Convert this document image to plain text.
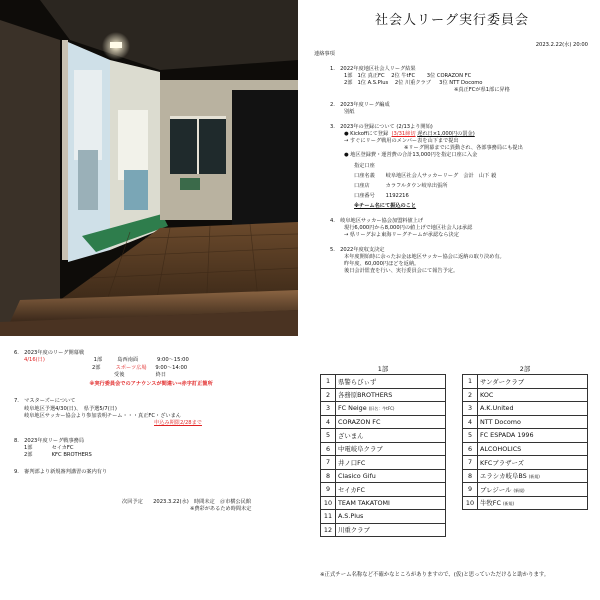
社会人リーグ実行委員会
2023.2.22(水) 20:00
連絡事項
1.　2022年度地区社会人リーグ結果
1部 1位 真正FC 2位 牛tFC 3位 CORAZON FC
2部 1位 A.S.Plus 2位 川重クラブ 3位 NTT Docomo
※真正FCが県1部に昇格
2.　2023年度リーグ編成
別紙
3.　2023年の登録について (2/13より開始)
● Kickoffにて登録 (3/31締切 遅れ日×1,000円の罰金)
→ すぐにリーグ戦用のメンバー表を山下まで提出
※リーグ開幕までに異動され、各部事務局にも提出
● 地区登録費・運営費の合計13,000円を指定口座に入金
指定口座
口座名義 岐阜地区社会人サッカーリーグ　会計　山下 毅
口座店	カラフルタウン岐阜出張所
口座番号 1192216
※チーム名にて振込のこと
4.　岐阜地区サッカー協会加盟料値上げ
現行6,000円から8,000円の値上げで地区社会人は承認
→ 県リーグおよ東海リーグチームが承認なら決定
5.　2022年度収支決定
本年度開始時に余ったお金は地区サッカー協会に返納の取り決め有。
昨年度、60,000円ほどを返納。
後日会計監査を行い、実行委員会にて報告予定。
6.　2023年度のリーグ開幕戦
4/16(日)	1部	島西南面	9:00〜15:00
2部	スポーツ広場 9:00〜14:00
受後	終日
※実行委員会でのアナウンスが間違い⇒赤字訂正箇所
7.　マスターズーについて
岐阜地区予選4/30(日)、　県予選5/7(日)
岐阜地区サッカー協会より参加表明チーム・・・真正FC・ざいまん
申込み期限2/28まで
8.　2023年度リーグ戦事務局
1部	セイカFC
2部	KFC BROTHERS
9.　審判部より新規審判講習の案内有り
次回予定　　2023.3.22(水)　時間未定　＠市横公民館
※費彩があるため時間未定
1部
1	県警らびぃず
2	各務原BROTHERS
3	FC Neige (旧名：牛tFC)
4	CORAZON FC
5	ざいまん
6	中電岐阜クラブ
7	井ノ口FC
8	Clasico Gifu
9	セイカFC
10	TEAM TAKATOMI
11	A.S.Plus
12	川重クラブ
2部
1	サンダークラブ
2	KOC
3	A.K.United
4	NTT Docomo
5	FC ESPADA 1996
6	ALCOHOLICS
7	KFCブラザーズ
8	エラシカ岐阜BS (新規)
9	ブレジール (新規)
10	牛牧FC (新規)
※正式チーム名称など不確かなところがありますので、(仮)と思っていただけると助かります。
